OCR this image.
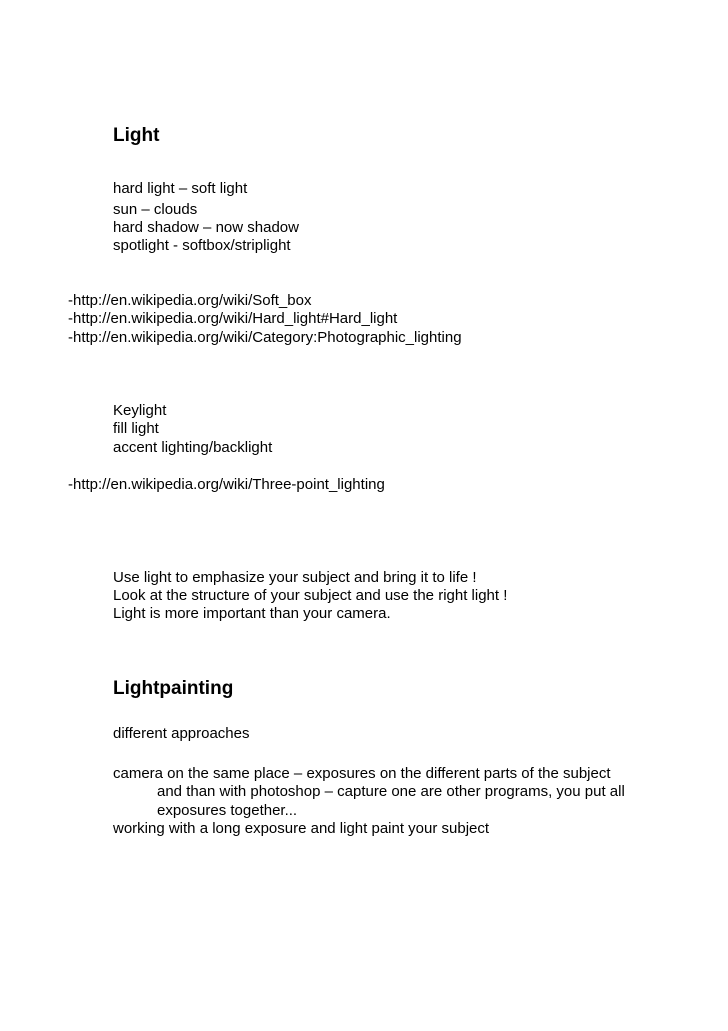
Light

hard light – soft light

sun – clouds

hard shadow – now shadow

spotlight - softbox/striplight

-http://en.wikipedia.org/wiki/Soft_box

-http://en.wikipedia.org/wiki/Hard_light#Hard_light

-http://en.wikipedia.org/wiki/Category:Photographic_lighting

Keylight

fill light

accent lighting/backlight

-http://en.wikipedia.org/wiki/Three-point_lighting

Use light to emphasize your subject and bring it to life !

Look at the structure of your subject and use the right light !

Light is more important than your camera.

Lightpainting

different approaches

camera on the same place – exposures on the different parts of the subject

and than with photoshop – capture one are other programs, you put all

exposures together...

working with a long exposure and light paint your subject
